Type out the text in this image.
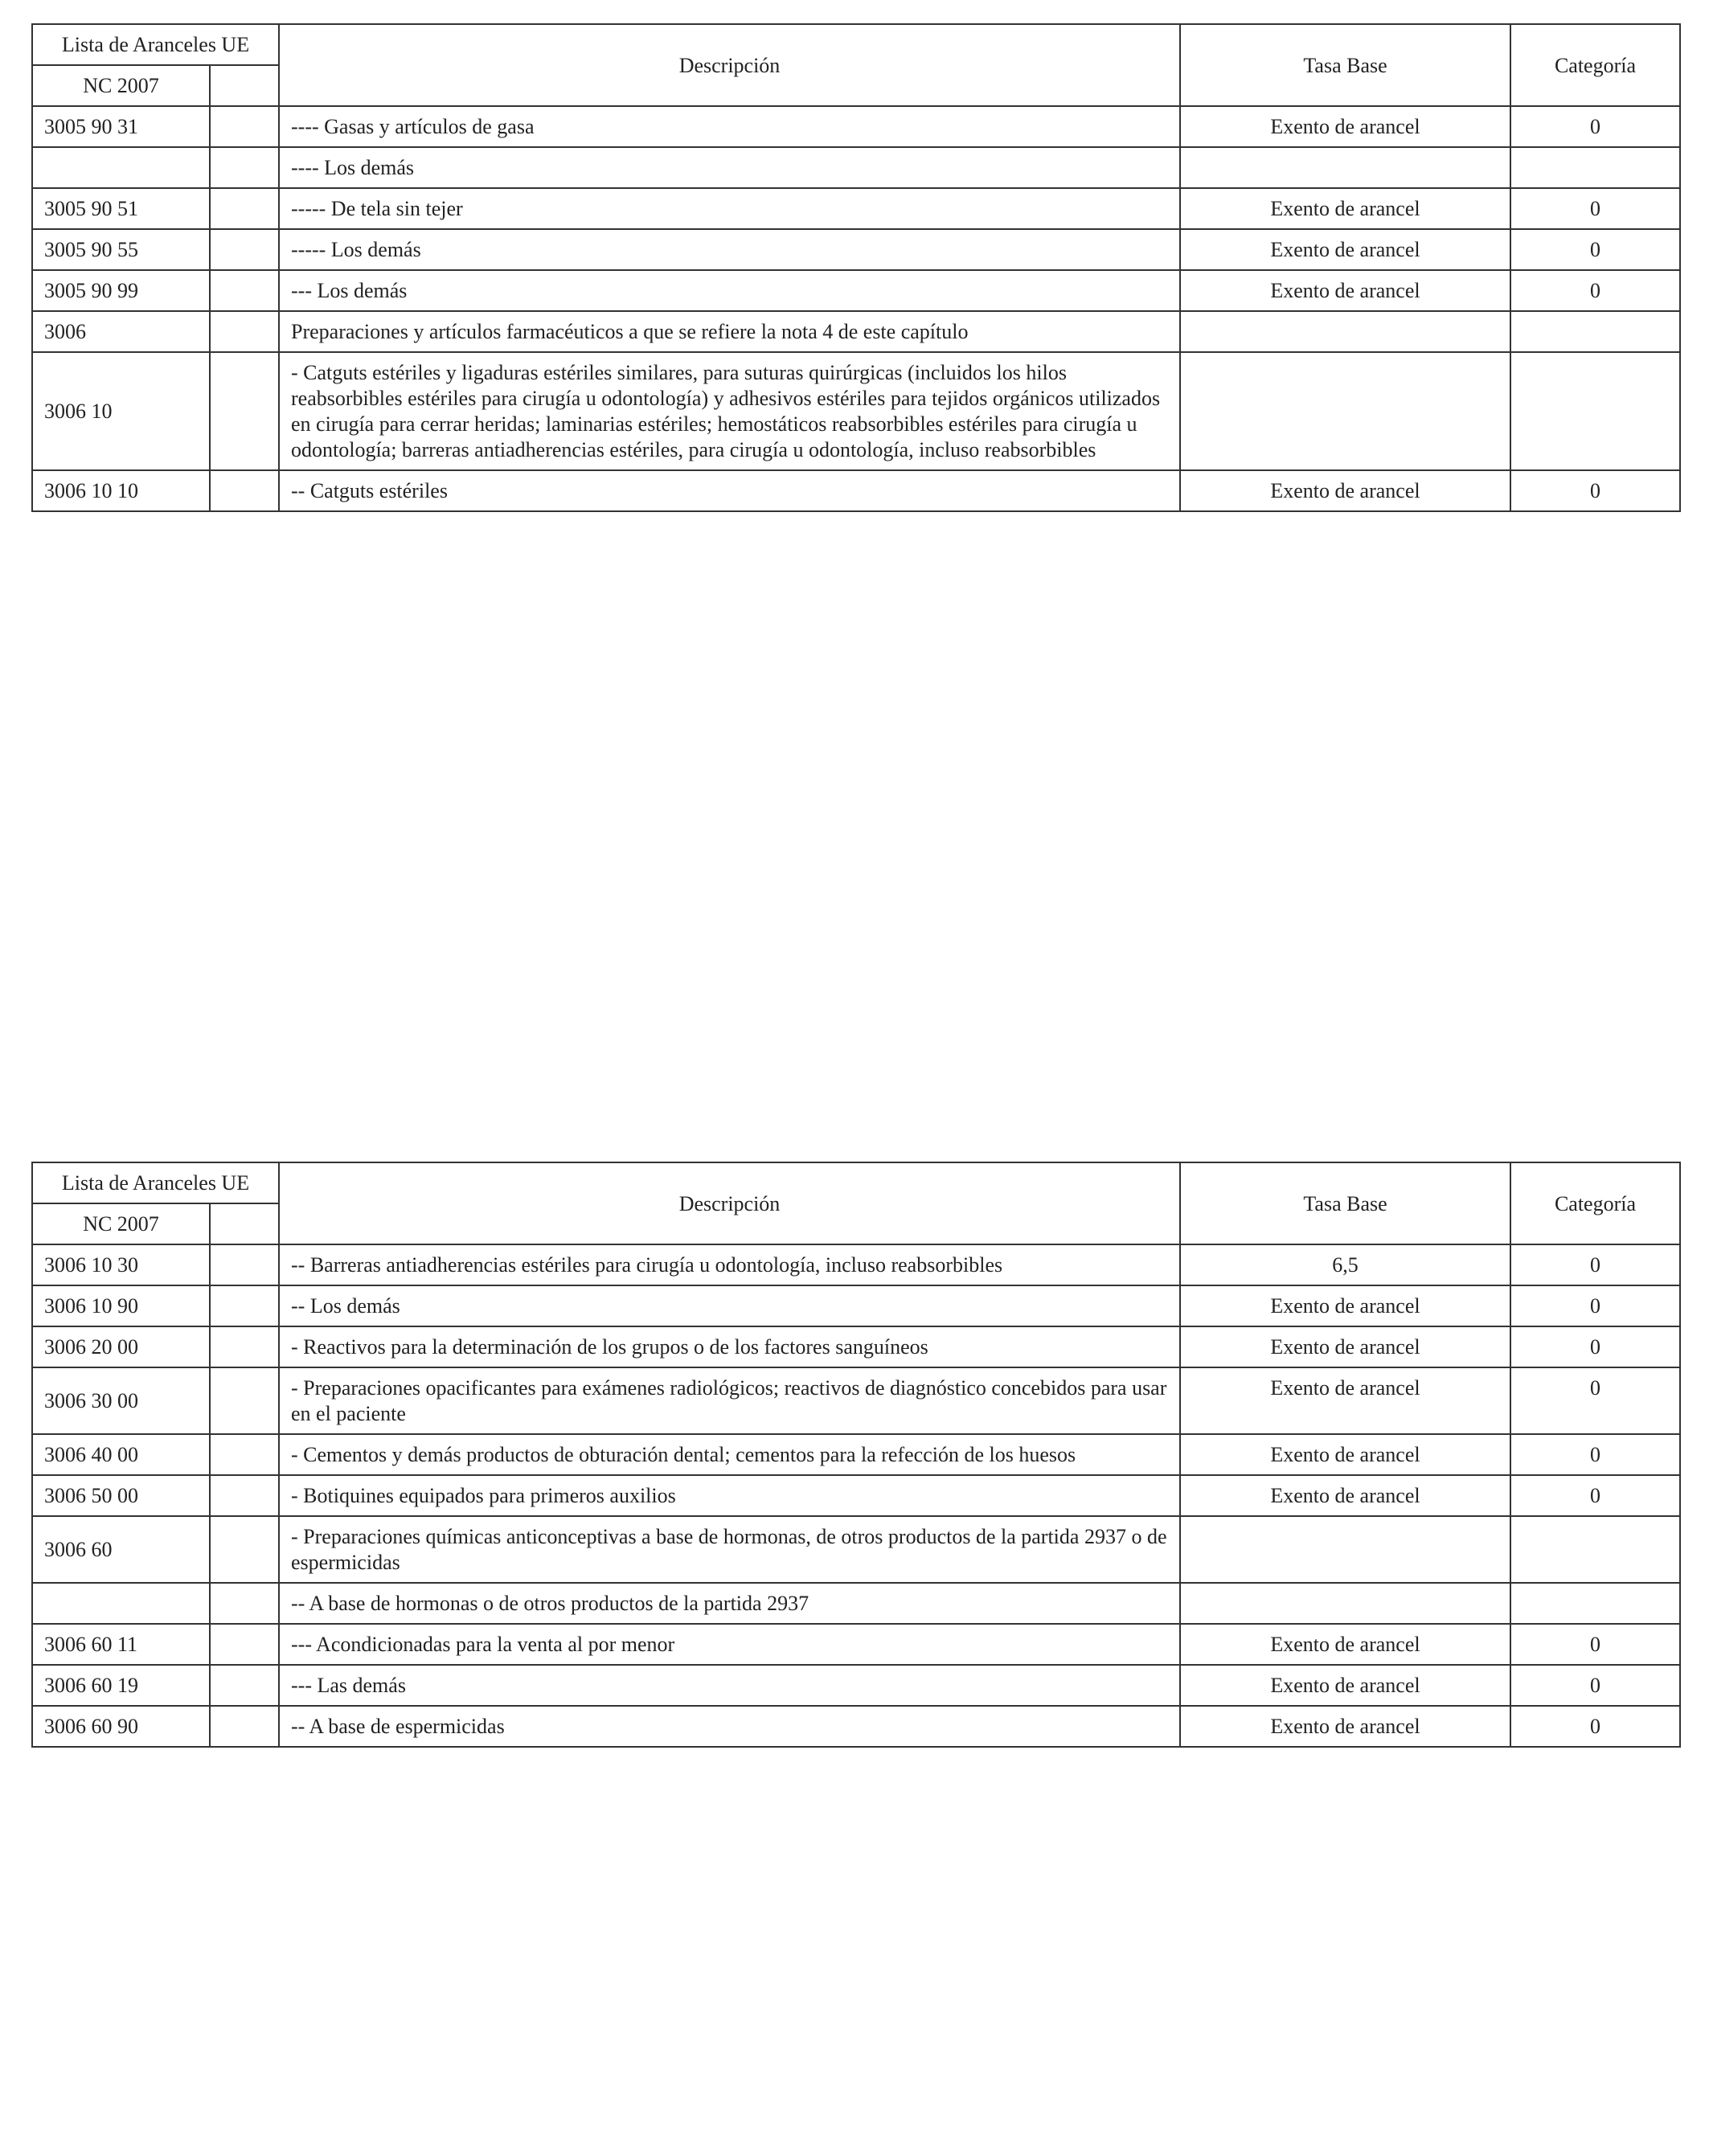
Lista de Aranceles UE		Descripción	Tasa Base	Categoría
NC 2007				
3005 90 31		---- Gasas y artículos de gasa	Exento de arancel	0
		---- Los demás		
3005 90 51		----- De tela sin tejer	Exento de arancel	0
3005 90 55		----- Los demás	Exento de arancel	0
3005 90 99		--- Los demás	Exento de arancel	0
3006		Preparaciones y artículos farmacéuticos a que se refiere la nota 4 de este capítulo		
3006 10		- Catguts estériles y ligaduras estériles similares, para suturas quirúrgicas (incluidos los hilos reabsorbibles estériles para cirugía u odontología) y adhesivos estériles para tejidos orgánicos utilizados en cirugía para cerrar heridas; laminarias estériles; hemostáticos reabsorbibles estériles para cirugía u odontología; barreras antiadherencias estériles, para cirugía u odontología, incluso reabsorbibles		
3006 10 10		-- Catguts estériles	Exento de arancel	0
Lista de Aranceles UE		Descripción	Tasa Base	Categoría
NC 2007				
3006 10 30		-- Barreras antiadherencias estériles para cirugía u odontología, incluso reabsorbibles	6,5	0
3006 10 90		-- Los demás	Exento de arancel	0
3006 20 00		- Reactivos para la determinación de los grupos o de los factores sanguíneos	Exento de arancel	0
3006 30 00		- Preparaciones opacificantes para exámenes radiológicos; reactivos de diagnóstico concebidos para usar en el paciente	Exento de arancel	0
3006 40 00		- Cementos y demás productos de obturación dental; cementos para la refección de los huesos	Exento de arancel	0
3006 50 00		- Botiquines equipados para primeros auxilios	Exento de arancel	0
3006 60		- Preparaciones químicas anticonceptivas a base de hormonas, de otros productos de la partida 2937 o de espermicidas		
		-- A base de hormonas o de otros productos de la partida 2937		
3006 60 11		--- Acondicionadas para la venta al por menor	Exento de arancel	0
3006 60 19		--- Las demás	Exento de arancel	0
3006 60 90		-- A base de espermicidas	Exento de arancel	0
